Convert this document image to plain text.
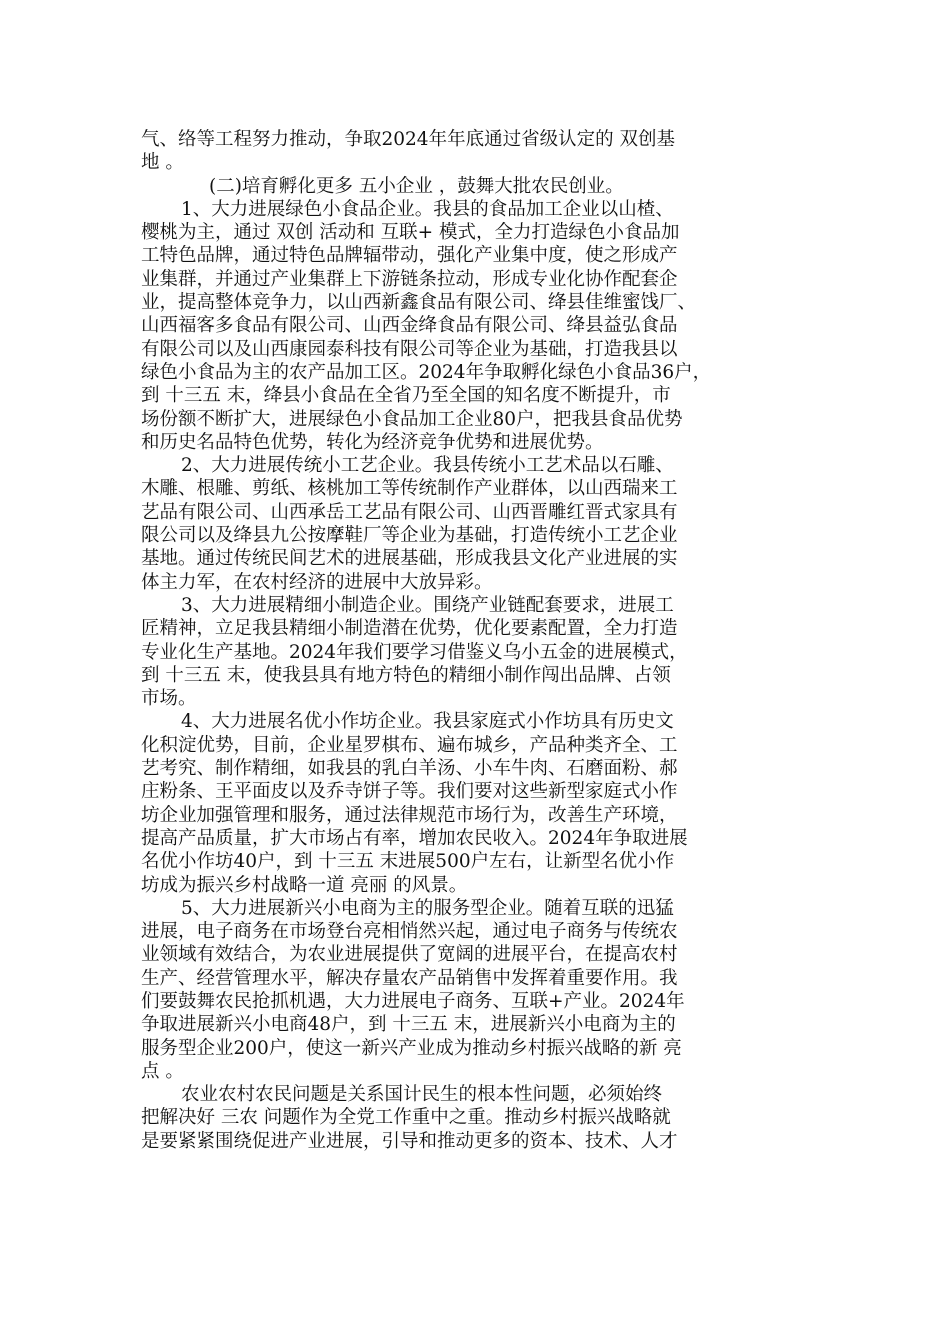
气、络等工程努力推动，争取2024年年底通过省级认定的 双创基
地 。
(二)培育孵化更多 五小企业 ，鼓舞大批农民创业。
1、大力进展绿色小食品企业。我县的食品加工企业以山楂、
樱桃为主，通过 双创 活动和 互联+ 模式，全力打造绿色小食品加
工特色品牌，通过特色品牌辐带动，强化产业集中度，使之形成产
业集群，并通过产业集群上下游链条拉动，形成专业化协作配套企
业，提高整体竞争力，以山西新鑫食品有限公司、绛县佳维蜜饯厂、
山西福客多食品有限公司、山西金绛食品有限公司、绛县益弘食品
有限公司以及山西康园泰科技有限公司等企业为基础，打造我县以
绿色小食品为主的农产品加工区。2024年争取孵化绿色小食品36户，
到 十三五 末，绛县小食品在全省乃至全国的知名度不断提升，市
场份额不断扩大，进展绿色小食品加工企业80户，把我县食品优势
和历史名品特色优势，转化为经济竞争优势和进展优势。
2、大力进展传统小工艺企业。我县传统小工艺术品以石雕、
木雕、根雕、剪纸、核桃加工等传统制作产业群体，以山西瑞来工
艺品有限公司、山西承岳工艺品有限公司、山西晋雕红晋式家具有
限公司以及绛县九公按摩鞋厂等企业为基础，打造传统小工艺企业
基地。通过传统民间艺术的进展基础，形成我县文化产业进展的实
体主力军，在农村经济的进展中大放异彩。
3、大力进展精细小制造企业。围绕产业链配套要求，进展工
匠精神，立足我县精细小制造潜在优势，优化要素配置，全力打造
专业化生产基地。2024年我们要学习借鉴义乌小五金的进展模式，
到 十三五 末，使我县具有地方特色的精细小制作闯出品牌、占领
市场。
4、大力进展名优小作坊企业。我县家庭式小作坊具有历史文
化积淀优势，目前，企业星罗棋布、遍布城乡，产品种类齐全、工
艺考究、制作精细，如我县的乳白羊汤、小车牛肉、石磨面粉、郝
庄粉条、王平面皮以及乔寺饼子等。我们要对这些新型家庭式小作
坊企业加强管理和服务，通过法律规范市场行为，改善生产环境，
提高产品质量，扩大市场占有率，增加农民收入。2024年争取进展
名优小作坊40户，到 十三五 末进展500户左右，让新型名优小作
坊成为振兴乡村战略一道 亮丽 的风景。
5、大力进展新兴小电商为主的服务型企业。随着互联的迅猛
进展，电子商务在市场登台亮相悄然兴起，通过电子商务与传统农
业领域有效结合，为农业进展提供了宽阔的进展平台，在提高农村
生产、经营管理水平，解决存量农产品销售中发挥着重要作用。我
们要鼓舞农民抢抓机遇，大力进展电子商务、互联+产业。2024年
争取进展新兴小电商48户，到 十三五 末，进展新兴小电商为主的
服务型企业200户，使这一新兴产业成为推动乡村振兴战略的新 亮
点 。
农业农村农民问题是关系国计民生的根本性问题，必须始终
把解决好 三农 问题作为全党工作重中之重。推动乡村振兴战略就
是要紧紧围绕促进产业进展，引导和推动更多的资本、技术、人才
